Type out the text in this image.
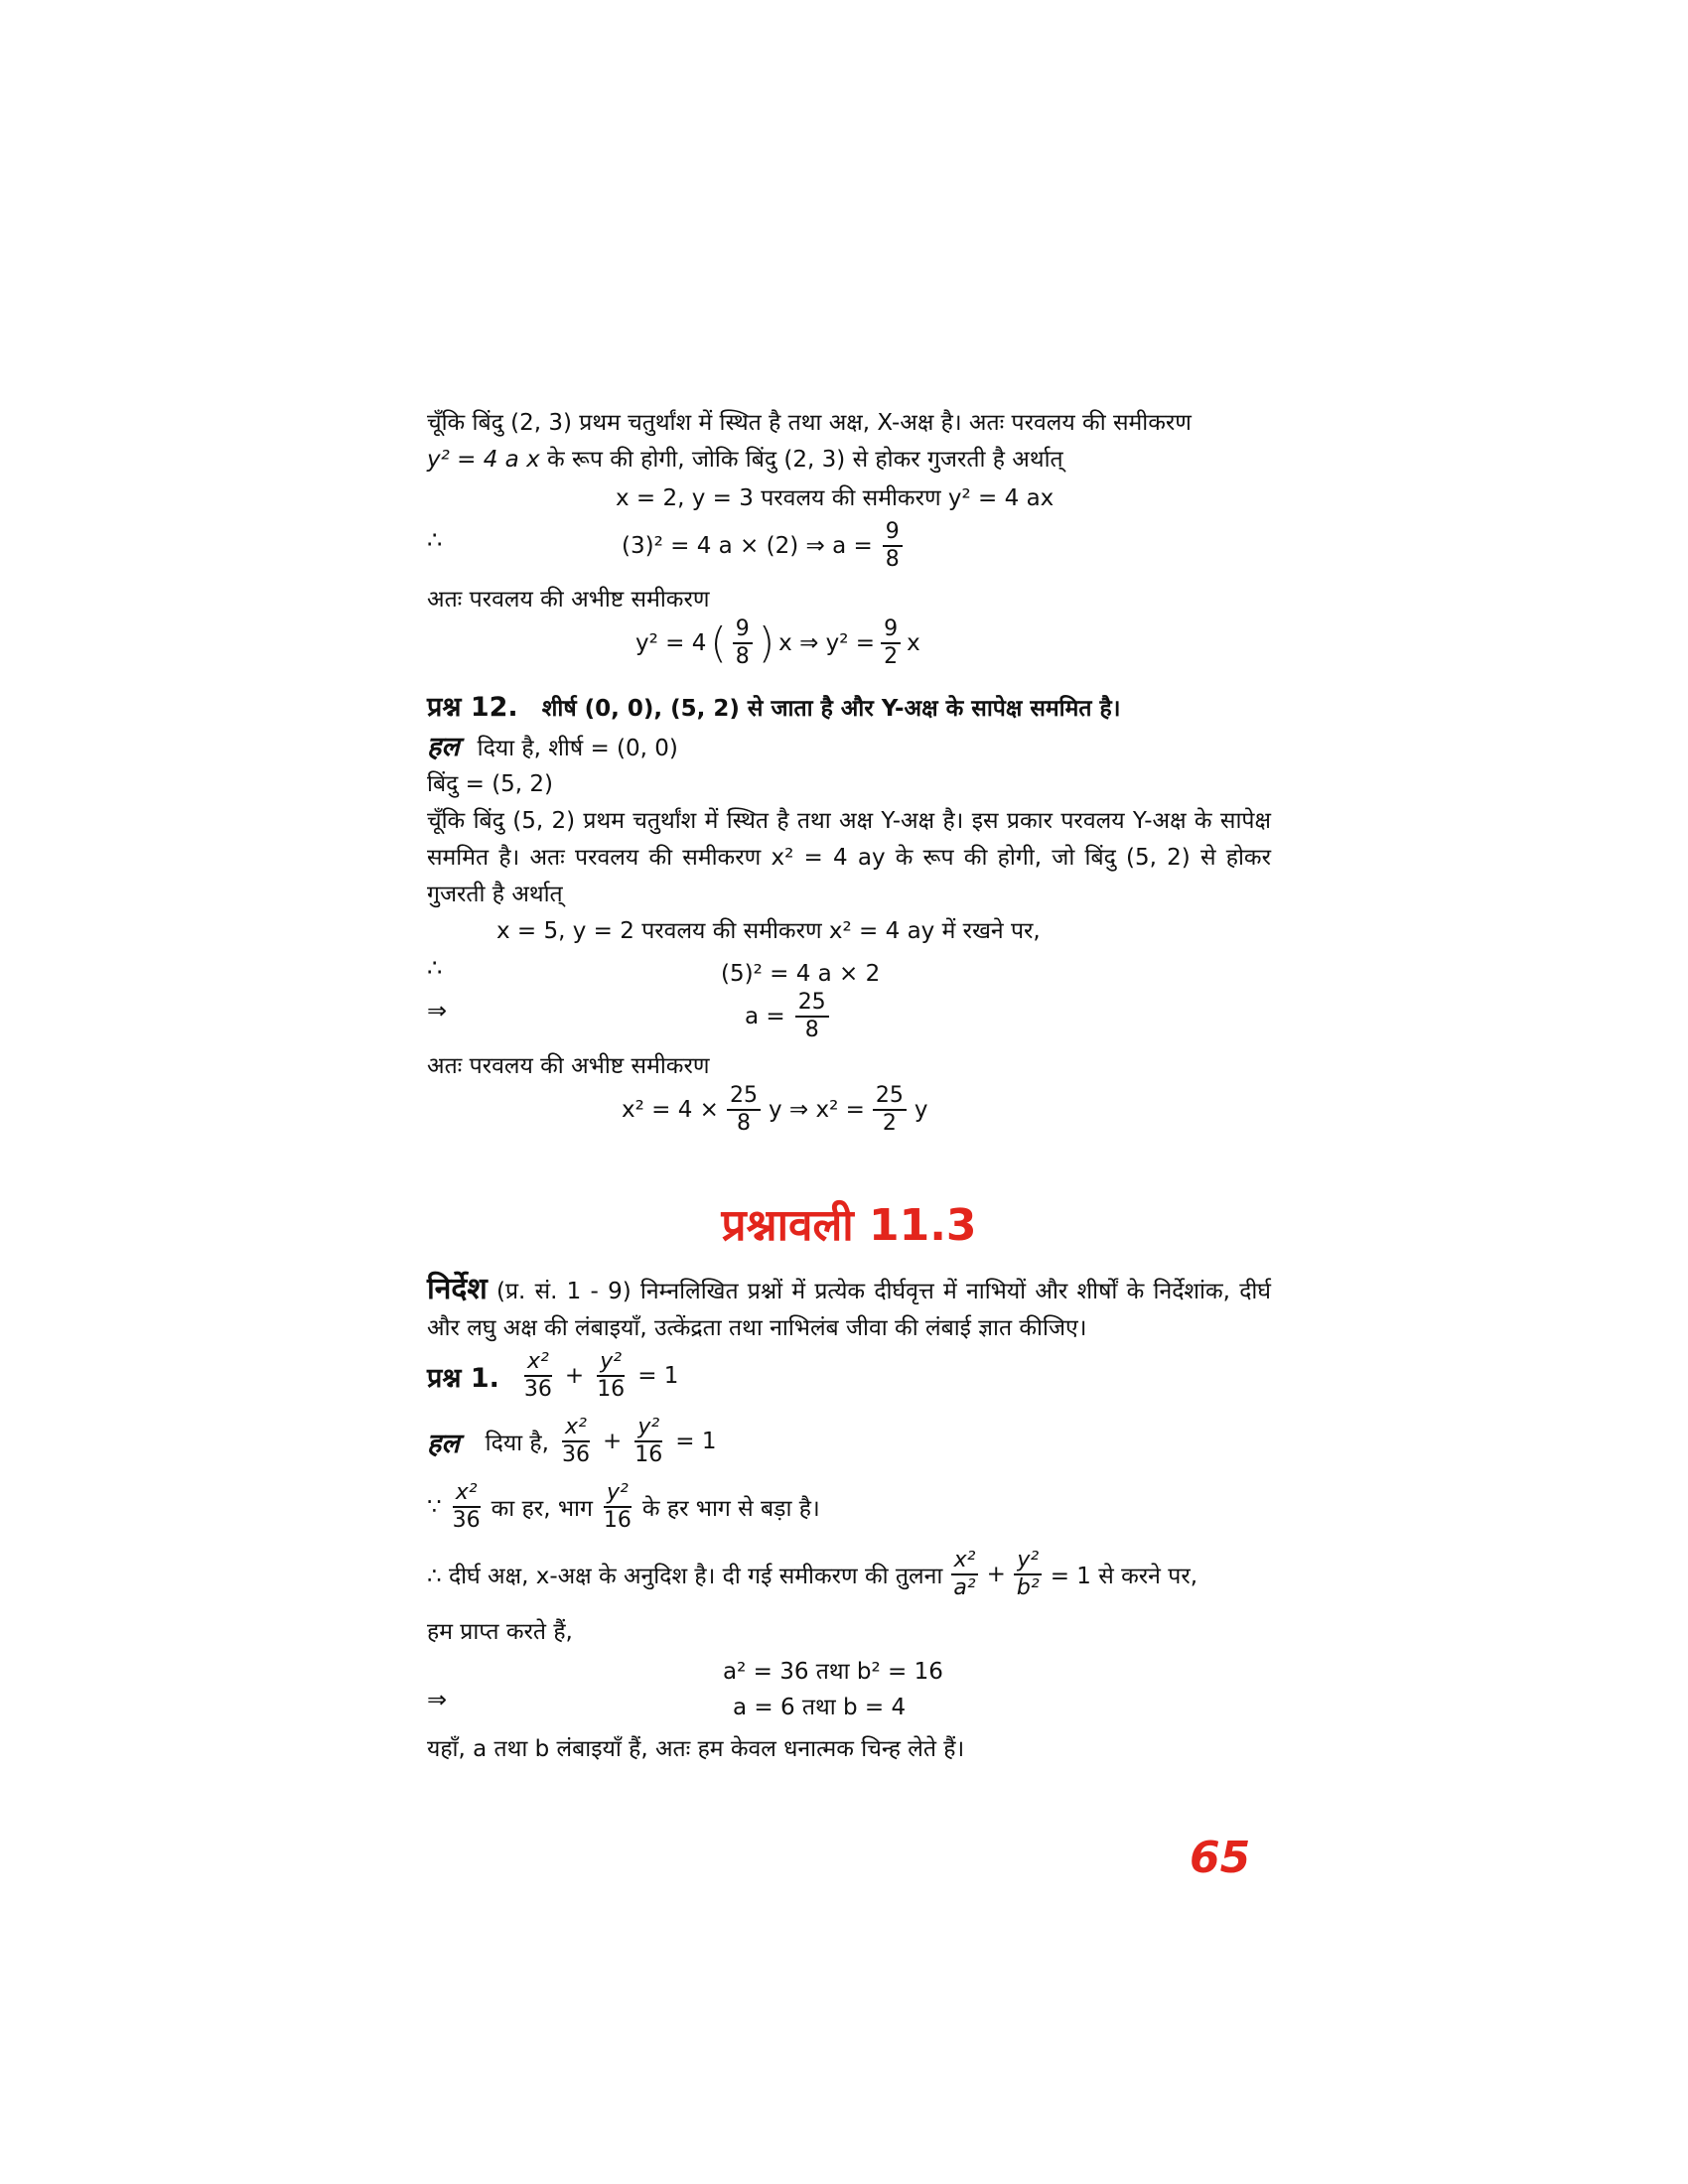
चूँकि बिंदु (2, 3) प्रथम चतुर्थांश में स्थित है तथा अक्ष, X-अक्ष है। अतः परवलय की समीकरण

y² = 4 a x के रूप की होगी, जोकि बिंदु (2, 3) से होकर गुजरती है अर्थात्

x = 2, y = 3 परवलय की समीकरण y² = 4 ax

∴	(3)² = 4 a × (2) ⇒ $a = \frac{9}{8}$

अतः परवलय की अभीष्ट समीकरण

y² = 4 ( $\frac{9}{8}$ ) x ⇒ $y^2 = \frac{9}{2}$ x

प्रश्न 12. शीर्ष (0, 0), (5, 2) से जाता है और Y-अक्ष के सापेक्ष सममित है।

हल दिया है, शीर्ष = (0, 0)

बिंदु = (5, 2)

चूँकि बिंदु (5, 2) प्रथम चतुर्थांश में स्थित है तथा अक्ष Y-अक्ष है। इस प्रकार परवलय Y-अक्ष के सापेक्ष सममित है। अतः परवलय की समीकरण x² = 4 ay के रूप की होगी, जो बिंदु (5, 2) से होकर गुजरती है अर्थात्

x = 5, y = 2 परवलय की समीकरण x² = 4 ay में रखने पर,

∴	(5)² = 4 a × 2
⇒	$a = \frac{25}{8}$

अतः परवलय की अभीष्ट समीकरण

$x^2 = 4 \times \frac{25}{8}$ y ⇒ $x^2 = \frac{25}{2}$ y
प्रश्नावली 11.3

निर्देश (प्र. सं. 1 - 9) निम्नलिखित प्रश्नों में प्रत्येक दीर्घवृत्त में नाभियों और शीर्षों के निर्देशांक, दीर्घ और लघु अक्ष की लंबाइयाँ, उत्केंद्रता तथा नाभिलंब जीवा की लंबाई ज्ञात कीजिए।

प्रश्न 1. $\frac{\text{x²}}{36} + \frac{\text{y²}}{16} = 1$
हल दिया है, $\frac{\text{x²}}{36} + \frac{\text{y²}}{16} = 1$
∵ $\frac{\text{x²}}{36}$ का हर, भाग $\frac{\text{y²}}{16}$ के हर भाग से बड़ा है।
∴ दीर्घ अक्ष, x-अक्ष के अनुदिश है। दी गई समीकरण की तुलना $\frac{\text{x²}}{\text{a²}} + \frac{\text{y²}}{\text{b²}} = 1$ से करने पर,

हम प्राप्त करते हैं,

a² = 36 तथा b² = 16

⇒	a = 6 तथा b = 4

यहाँ, a तथा b लंबाइयाँ हैं, अतः हम केवल धनात्मक चिन्ह लेते हैं।

65
